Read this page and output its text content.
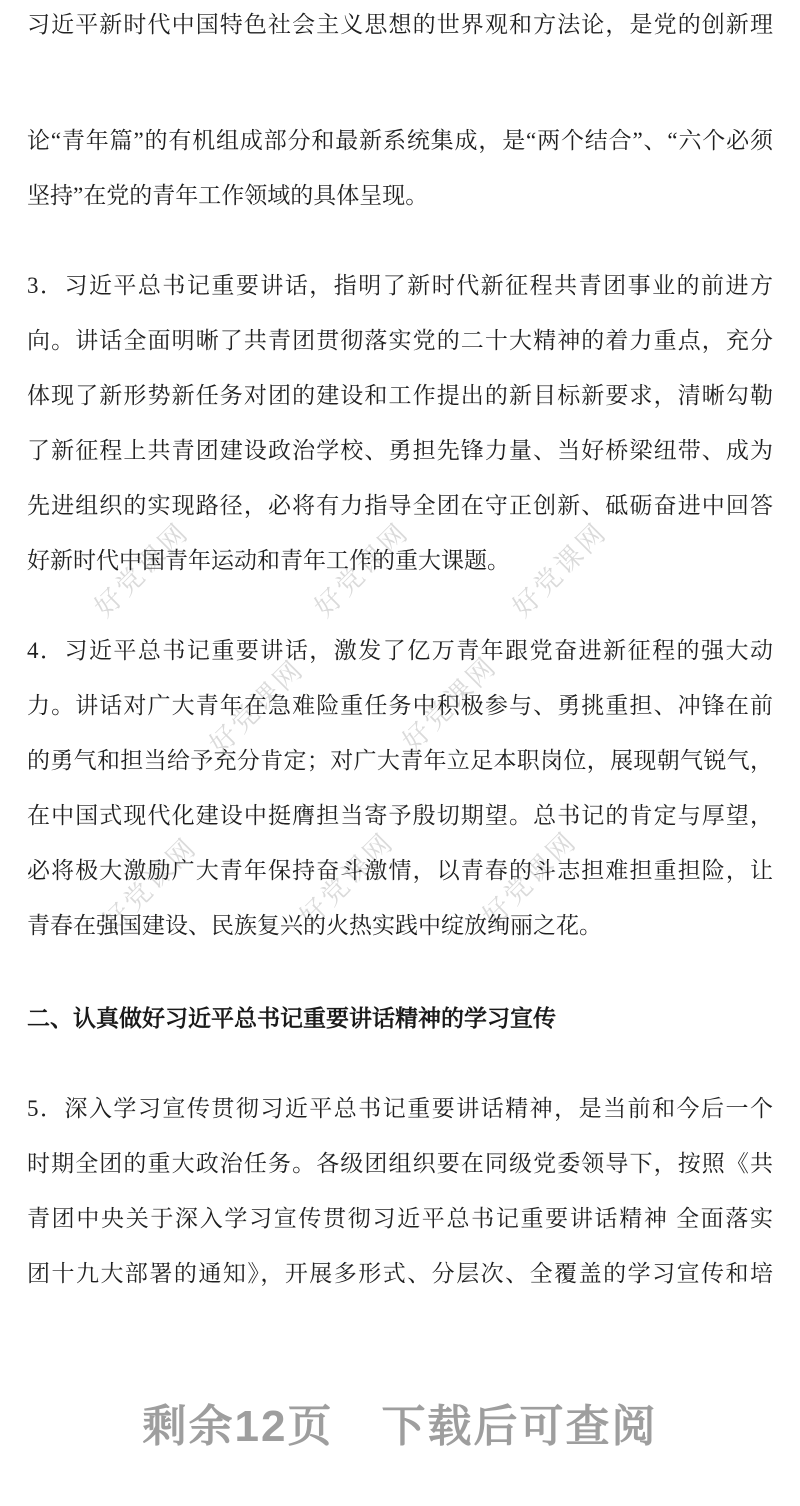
好党课网	好党课网	好党课网
好党课网	好党课网
好党课网	好党课网	好党课网
习近平新时代中国特色社会主义思想的世界观和方法论，是党的创新理
论“青年篇”的有机组成部分和最新系统集成，是“两个结合”、“六个必须
坚持”在党的青年工作领域的具体呈现。
3．习近平总书记重要讲话，指明了新时代新征程共青团事业的前进方
向。讲话全面明晰了共青团贯彻落实党的二十大精神的着力重点，充分
体现了新形势新任务对团的建设和工作提出的新目标新要求，清晰勾勒
了新征程上共青团建设政治学校、勇担先锋力量、当好桥梁纽带、成为
先进组织的实现路径，必将有力指导全团在守正创新、砥砺奋进中回答
好新时代中国青年运动和青年工作的重大课题。
4．习近平总书记重要讲话，激发了亿万青年跟党奋进新征程的强大动
力。讲话对广大青年在急难险重任务中积极参与、勇挑重担、冲锋在前
的勇气和担当给予充分肯定；对广大青年立足本职岗位，展现朝气锐气，
在中国式现代化建设中挺膺担当寄予殷切期望。总书记的肯定与厚望，
必将极大激励广大青年保持奋斗激情，以青春的斗志担难担重担险，让
青春在强国建设、民族复兴的火热实践中绽放绚丽之花。
二、认真做好习近平总书记重要讲话精神的学习宣传
5．深入学习宣传贯彻习近平总书记重要讲话精神，是当前和今后一个
时期全团的重大政治任务。各级团组织要在同级党委领导下，按照《共
青团中央关于深入学习宣传贯彻习近平总书记重要讲话精神 全面落实
团十九大部署的通知》，开展多形式、分层次、全覆盖的学习宣传和培
剩余12页 下载后可查阅
